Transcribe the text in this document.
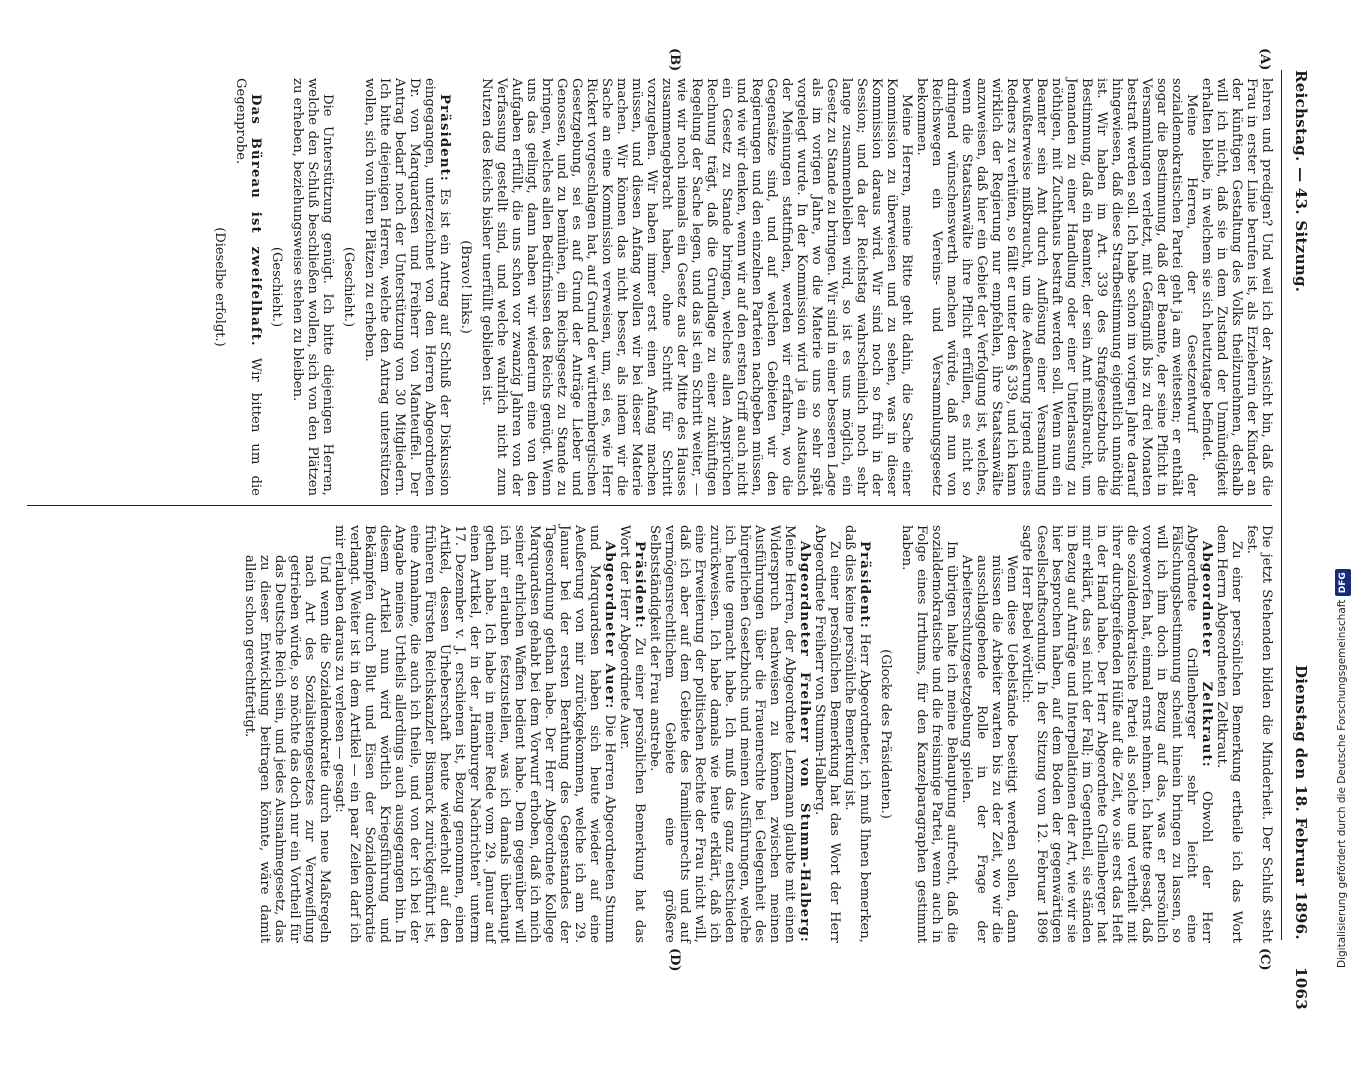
Reichstag. — 43. Sitzung.
Dienstag den 18. Februar 1896.
1063
(A)
(B)
(C)
(D)

lehren und predigen? Und weil ich der Ansicht bin, daß die Frau in erster Linie berufen ist, als Erzieherin der Kinder an der künftigen Gestaltung des Volks theilzunehmen, deshalb will ich nicht, daß sie in dem Zustand der Unmündigkeit erhalten bleibe, in welchem sie sich heutzutage befindet.

Meine Herren, der Gesetzentwurf der sozialdemokratischen Partei geht ja am weitesten; er enthält sogar die Bestimmung, daß der Beamte, der seine Pflicht in Versammlungen verletzt, mit Gefängniß bis zu drei Monaten bestraft werden soll. Ich habe schon im vorigen Jahre darauf hingewiesen, daß diese Strafbestimmung eigentlich unnöthig ist. Wir haben im Art. 339 des Strafgesetzbuchs die Bestimmung, daß ein Beamter, der sein Amt mißbraucht, um Jemanden zu einer Handlung oder einer Unterlassung zu nöthigen, mit Zuchthaus bestraft werden soll. Wenn nun ein Beamter sein Amt durch Auflösung einer Versammlung bewußterweise mißbraucht, um die Aeußerung irgend eines Redners zu verhüten, so fällt er unter den § 339, und ich kann wirklich der Regierung nur empfehlen, ihre Staatsanwälte anzuweisen, daß hier ein Gebiet der Verfolgung ist, welches, wenn die Staatsanwälte ihre Pflicht erfüllen, es nicht so dringend wünschenswerth machen würde, daß nun von Reichswegen ein Vereins- und Versammlungsgesetz bekommen.

Meine Herren, meine Bitte geht dahin, die Sache einer Kommission zu überweisen und zu sehen, was in dieser Kommission daraus wird. Wir sind noch so früh in der Session; und da der Reichstag wahrscheinlich noch sehr lange zusammenbleiben wird, so ist es uns möglich, ein Gesetz zu Stande zu bringen. Wir sind in einer besseren Lage als im vorigen Jahre, wo die Materie uns so sehr spät vorgelegt wurde. In der Kommission wird ja ein Austausch der Meinungen stattfinden, werden wir erfahren, wo die Gegensätze sind, und auf welchen Gebieten wir den Regierungen und den einzelnen Parteien nachgeben müssen, und wie wir denken, wenn wir auf den ersten Griff auch nicht ein Gesetz zu Stande bringen, welches allen Ansprüchen Rechnung trägt, daß die Grundlage zu einer zukünftigen Regelung der Sache legen, und das ist ein Schritt weiter, — wie wir noch niemals ein Gesetz aus der Mitte des Hauses zusammengebracht haben, ohne Schritt für Schritt vorzugehen. Wir haben immer erst einen Anfang machen müssen, und diesen Anfang wollen wir bei dieser Materie machen. Wir können das nicht besser, als indem wir die Sache an eine Kommission verweisen, um, sei es, wie Herr Rickert vorgeschlagen hat, auf Grund der württembergischen Gesetzgebung, sei es auf Grund der Anträge Lieber und Genossen, und zu bemühen, ein Reichsgesetz zu Stande zu bringen, welches allen Bedürfnissen des Reichs genügt. Wenn uns das gelingt, dann haben wir wiederum eine von den Aufgaben erfüllt, die uns schon vor zwanzig Jahren von der Verfassung gestellt sind, und welche wahrlich nicht zum Nutzen des Reichs bisher unerfüllt geblieben ist.

(Bravo! links.)

Präsident: Es ist ein Antrag auf Schluß der Diskussion eingegangen, unterzeichnet von den Herren Abgeordneten Dr. von Marquardsen und Freiherr von Manteuffel. Der Antrag bedarf noch der Unterstützung von 30 Mitgliedern. Ich bitte diejenigen Herren, welche den Antrag unterstützen wollen, sich von ihren Plätzen zu erheben.

(Geschieht.)

Die Unterstützung genügt. Ich bitte diejenigen Herren, welche den Schluß beschließen wollen, sich von den Plätzen zu erheben, beziehungsweise stehen zu bleiben.

(Geschieht.)

Das Büreau ist zweifelhaft. Wir bitten um die Gegenprobe.

(Dieselbe erfolgt.)

Die jetzt Stehenden bilden die Minderheit. Der Schluß steht fest.

Zu einer persönlichen Bemerkung ertheile ich das Wort dem Herrn Abgeordneten Zeltkraut.

Abgeordneter Zeltkraut: Obwohl der Herr Abgeordnete Grillenberger sehr leicht eine Fälschungsbestimmung scheint hinein bringen zu lassen, so will ich ihm doch in Bezug auf das, was er persönlich vorgeworfen hat, einmal ernst nehmen. Ich hatte gesagt, daß die sozialdemokratische Partei als solche und vertheilt mit ihrer durchgreifenden Hülfe auf die Zeit, wo sie erst das Heft in der Hand habe. Der Herr Abgeordnete Grillenberger hat mir erklärt, das sei nicht der Fall; im Gegentheil, sie ständen in Bezug auf Anträge und Interpellationen der Art, wie wir sie hier besprochen haben, auf dem Boden der gegenwärtigen Gesellschaftsordnung. In der Sitzung vom 12. Februar 1896 sagte Herr Bebel wörtlich:

Wenn diese Uebelstände beseitigt werden sollen, dann müssen die Arbeiter warten bis zu der Zeit, wo wir die ausschlaggebende Rolle in der Frage der Arbeiterschutzgesetzgebung spielen.

Im übrigen halte ich meine Behauptung aufrecht, daß die sozialdemokratische und die freisinnige Partei, wenn auch in Folge eines Irrthums, für den Kanzelparagraphen gestimmt haben.

(Glocke des Präsidenten.)

Präsident: Herr Abgeordneter, ich muß Ihnen bemerken, daß dies keine persönliche Bemerkung ist.

Zu einer persönlichen Bemerkung hat das Wort der Herr Abgeordnete Freiherr von Stumm-Halberg.

Abgeordneter Freiherr von Stumm-Halberg: Meine Herren, der Abgeordnete Lenzmann glaubte mit einen Widerspruch nachweisen zu können zwischen meinen Ausführungen über die Frauenrechte bei Gelegenheit des bürgerlichen Gesetzbuchs und meinen Ausführungen, welche ich heute gemacht habe. Ich muß das ganz entschieden zurückweisen. Ich habe damals wie heute erklärt, daß ich eine Erweiterung der politischen Rechte der Frau nicht will, daß ich aber auf dem Gebiete des Familienrechts und auf vermögensrechtlichem Gebiete eine größere Selbstständigkeit der Frau anstrebe.

Präsident: Zu einer persönlichen Bemerkung hat das Wort der Herr Abgeordnete Auer.

Abgeordneter Auer: Die Herren Abgeordneten Stumm und Marquardsen haben sich heute wieder auf eine Aeußerung von mir zurückgekommen, welche ich am 29. Januar bei der ersten Berathung des Gegenstandes der Tagesordnung gethan habe. Der Herr Abgeordnete Kollege Marquardsen gehabt bei dem Vorwurf erhoben, daß ich mich seiner ehrlichen Waffen bedient habe. Dem gegenüber will ich mir erlauben festzustellen, was ich damals überhaupt gethan habe. Ich habe in meiner Rede vom 29. Januar auf einen Artikel, der in der „Hamburger Nachrichten" unterm 17. Dezember v. J. erschienen ist, Bezug genommen, einen Artikel, dessen Urheberschaft heute wiederholt auf den früheren Fürsten Reichskanzler Bismarck zurückgeführt ist, eine Annahme, die auch ich theile, und von der ich bei der Angabe meines Urtheils allerdings auch ausgegangen bin. In diesem Artikel nun wird wörtlich Kriegsführung und Bekämpfen durch Blut und Eisen der Sozialdemokratie verlangt. Weiter ist in dem Artikel — ein paar Zeilen darf ich mir erlauben daraus zu verlesen — gesagt:

Und wenn die Sozialdemokratie durch neue Maßregeln nach Art des Sozialistengesetzes zur Verzweiflung getrieben würde, so möchte das doch nur ein Vortheil für das Deutsche Reich sein, und jedes Ausnahmegesetz, das zu dieser Entwicklung beitragen könnte, wäre damit allein schon gerechtfertigt.	Digitalisierung gefördert durch die Deutsche Forschungsgemeinschaft DFG
